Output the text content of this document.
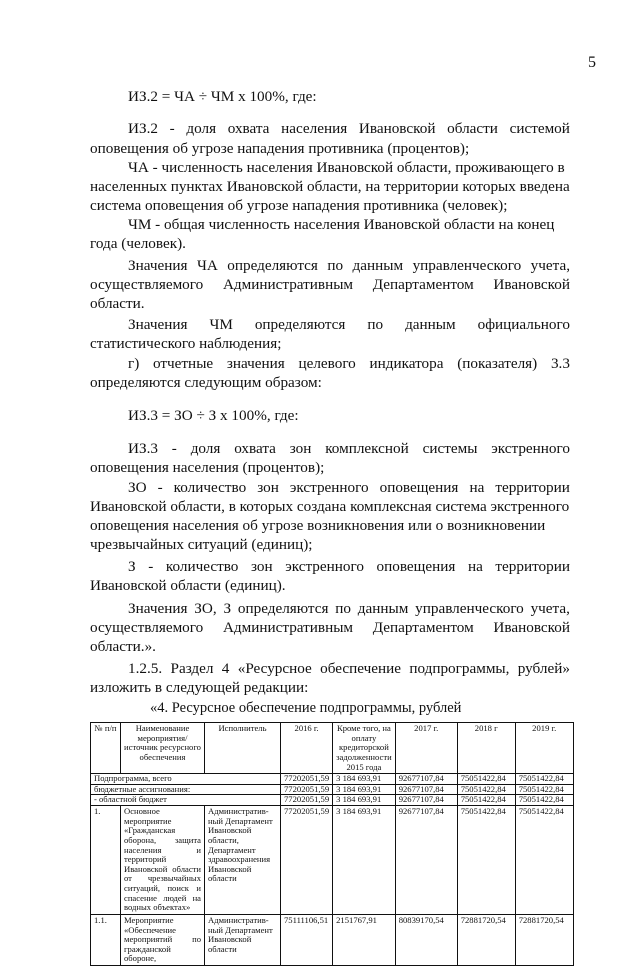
5
ИЗ.2 = ЧА ÷ ЧМ х 100%, где:
ИЗ.2 - доля охвата населения Ивановской области системой
оповещения об угрозе нападения противника (процентов);
ЧА - численность населения Ивановской области, проживающего в
населенных пунктах Ивановской области, на территории которых введена
система оповещения об угрозе нападения противника (человек);
ЧМ - общая численность населения Ивановской области на конец
года (человек).
Значения ЧА определяются по данным управленческого учета,
осуществляемого Административным Департаментом Ивановской
области.
Значения ЧМ определяются по данным официального
статистического наблюдения;
г) отчетные значения целевого индикатора (показателя) 3.3
определяются следующим образом:
ИЗ.3 = ЗО ÷ З х 100%, где:
ИЗ.3 - доля охвата зон комплексной системы экстренного
оповещения населения (процентов);
ЗО - количество зон экстренного оповещения на территории
Ивановской области, в которых создана комплексная система экстренного
оповещения населения об угрозе возникновения или о возникновении
чрезвычайных ситуаций (единиц);
З - количество зон экстренного оповещения на территории
Ивановской области (единиц).
Значения ЗО, З определяются по данным управленческого учета,
осуществляемого Административным Департаментом Ивановской
области.».
1.2.5. Раздел 4 «Ресурсное обеспечение подпрограммы, рублей»
изложить в следующей редакции:
«4. Ресурсное обеспечение подпрограммы, рублей
№ п/п	Наименование мероприятия/источник ресурсного обеспечения	Исполнитель	2016 г.	Кроме того, на оплату кредиторской задолженности 2015 года	2017 г.	2018 г	2019 г.
Подпрограмма, всего			77202051,59	3 184 693,91	92677107,84	75051422,84	75051422,84
бюджетные ассигнования:			77202051,59	3 184 693,91	92677107,84	75051422,84	75051422,84
- областной бюджет			77202051,59	3 184 693,91	92677107,84	75051422,84	75051422,84
1.	Основное мероприятие «Гражданская оборона, защита населения и территорий Ивановской области от чрезвычайных ситуаций, поиск и спасение людей на водных объектах»	Административ-ный Департамент Ивановской области, Департамент здравоохранения Ивановской области	77202051,59	3 184 693,91	92677107,84	75051422,84	75051422,84
1.1.	Мероприятие «Обеспечение мероприятий по гражданской обороне,	Административ-ный Департамент Ивановской области	75111106,51	2151767,91	80839170,54	72881720,54	72881720,54
